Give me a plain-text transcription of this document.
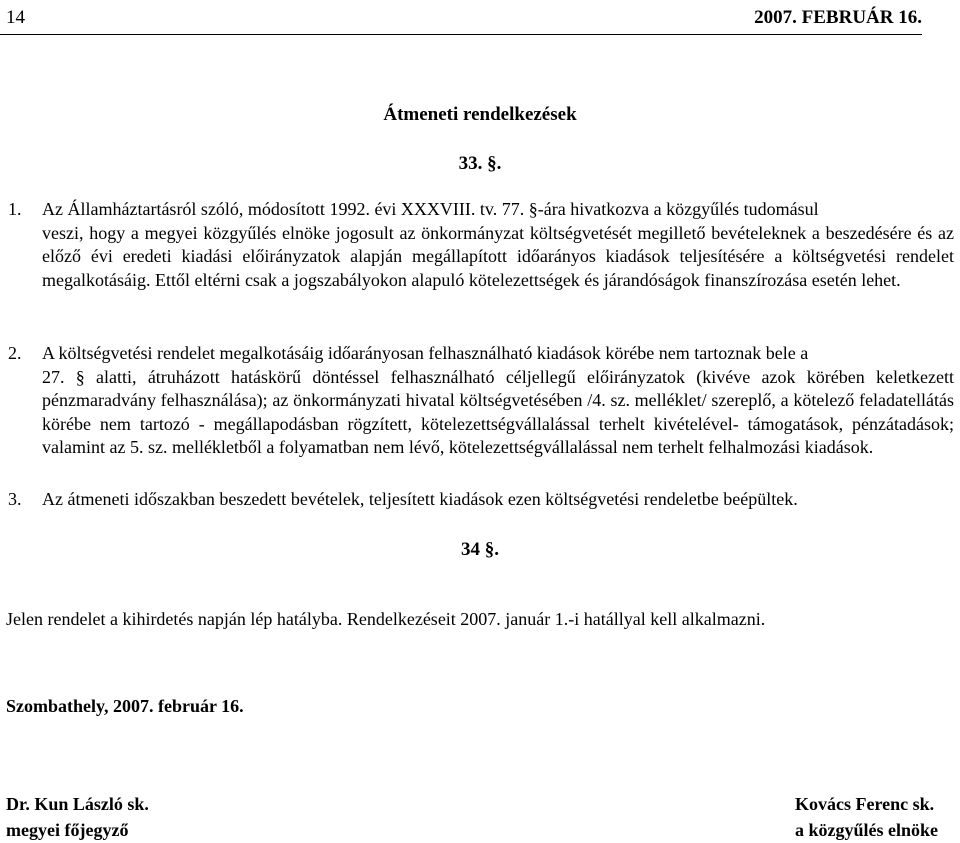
14	2007. FEBRUÁR 16.
Átmeneti rendelkezések
33. §.
1. Az Államháztartásról szóló, módosított 1992. évi XXXVIII. tv. 77. §-ára hivatkozva a közgyűlés tudomásul
veszi, hogy a megyei közgyűlés elnöke jogosult az önkormányzat költségvetését megillető bevételeknek a beszedésére és az előző évi eredeti kiadási előirányzatok alapján megállapított időarányos kiadások teljesítésére a költségvetési rendelet megalkotásáig. Ettől eltérni csak a jogszabályokon alapuló kötelezettségek és járandóságok finanszírozása esetén lehet.
2. A költségvetési rendelet megalkotásáig időarányosan felhasználható kiadások körébe nem tartoznak bele a
27. § alatti, átruházott hatáskörű döntéssel felhasználható céljellegű előirányzatok (kivéve azok körében keletkezett pénzmaradvány felhasználása); az önkormányzati hivatal költségvetésében /4. sz. melléklet/ szereplő, a kötelező feladatellátás körébe nem tartozó - megállapodásban rögzített, kötelezettségvállalással terhelt kivételével- támogatások, pénzátadások; valamint az 5. sz. mellékletből a folyamatban nem lévő, kötelezettségvállalással nem terhelt felhalmozási kiadások.
3. Az átmeneti időszakban beszedett bevételek, teljesített kiadások ezen költségvetési rendeletbe beépültek.
34 §.
Jelen rendelet a kihirdetés napján lép hatályba. Rendelkezéseit 2007. január 1.-i hatállyal kell alkalmazni.
Szombathely, 2007. február 16.
Dr. Kun László sk.
megyei főjegyző
Kovács Ferenc sk.
a közgyűlés elnöke
